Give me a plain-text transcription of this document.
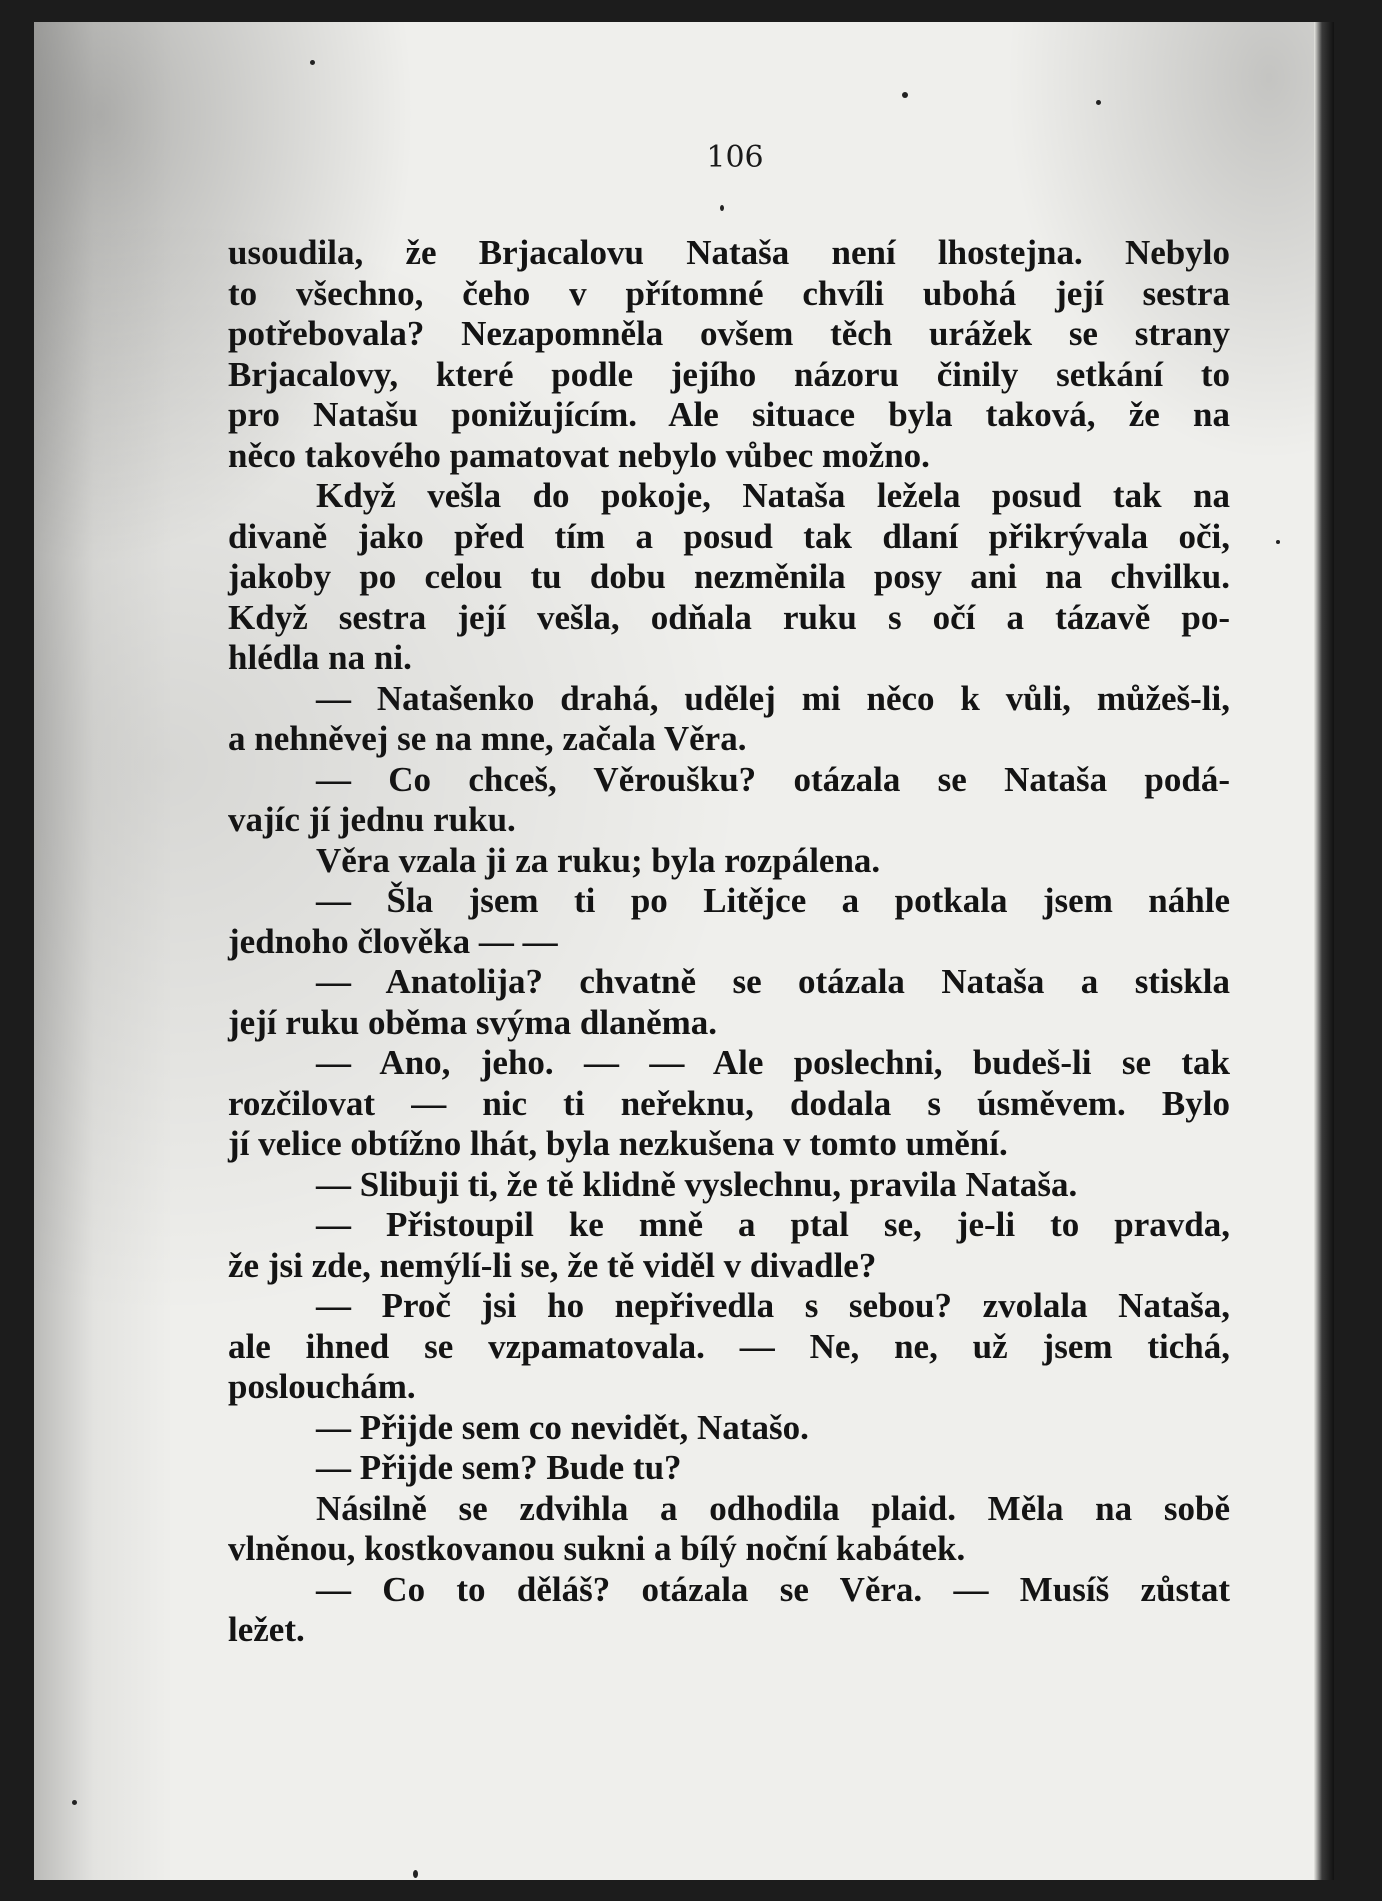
106
usoudila, že Brjacalovu Nataša není lhostejna. Nebylo
to všechno, čeho v přítomné chvíli ubohá její sestra
potřebovala? Nezapomněla ovšem těch urážek se strany
Brjacalovy, které podle jejího názoru činily setkání to
pro Natašu ponižujícím. Ale situace byla taková, že na
něco takového pamatovat nebylo vůbec možno.
Když vešla do pokoje, Nataša ležela posud tak na
divaně jako před tím a posud tak dlaní přikrývala oči,
jakoby po celou tu dobu nezměnila posy ani na chvilku.
Když sestra její vešla, odňala ruku s očí a tázavě po-
hlédla na ni.
— Natašenko drahá, udělej mi něco k vůli, můžeš-li,
a nehněvej se na mne, začala Věra.
— Co chceš, Věroušku? otázala se Nataša podá-
vajíc jí jednu ruku.
Věra vzala ji za ruku; byla rozpálena.
— Šla jsem ti po Litějce a potkala jsem náhle
jednoho člověka — —
— Anatolija? chvatně se otázala Nataša a stiskla
její ruku oběma svýma dlaněma.
— Ano, jeho. — — Ale poslechni, budeš-li se tak
rozčilovat — nic ti neřeknu, dodala s úsměvem. Bylo
jí velice obtížno lhát, byla nezkušena v tomto umění.
— Slibuji ti, že tě klidně vyslechnu, pravila Nataša.
— Přistoupil ke mně a ptal se, je-li to pravda,
že jsi zde, nemýlí-li se, že tě viděl v divadle?
— Proč jsi ho nepřivedla s sebou? zvolala Nataša,
ale ihned se vzpamatovala. — Ne, ne, už jsem tichá,
poslouchám.
— Přijde sem co nevidět, Natašo.
— Přijde sem? Bude tu?
Násilně se zdvihla a odhodila plaid. Měla na sobě
vlněnou, kostkovanou sukni a bílý noční kabátek.
— Co to děláš? otázala se Věra. — Musíš zůstat
ležet.
